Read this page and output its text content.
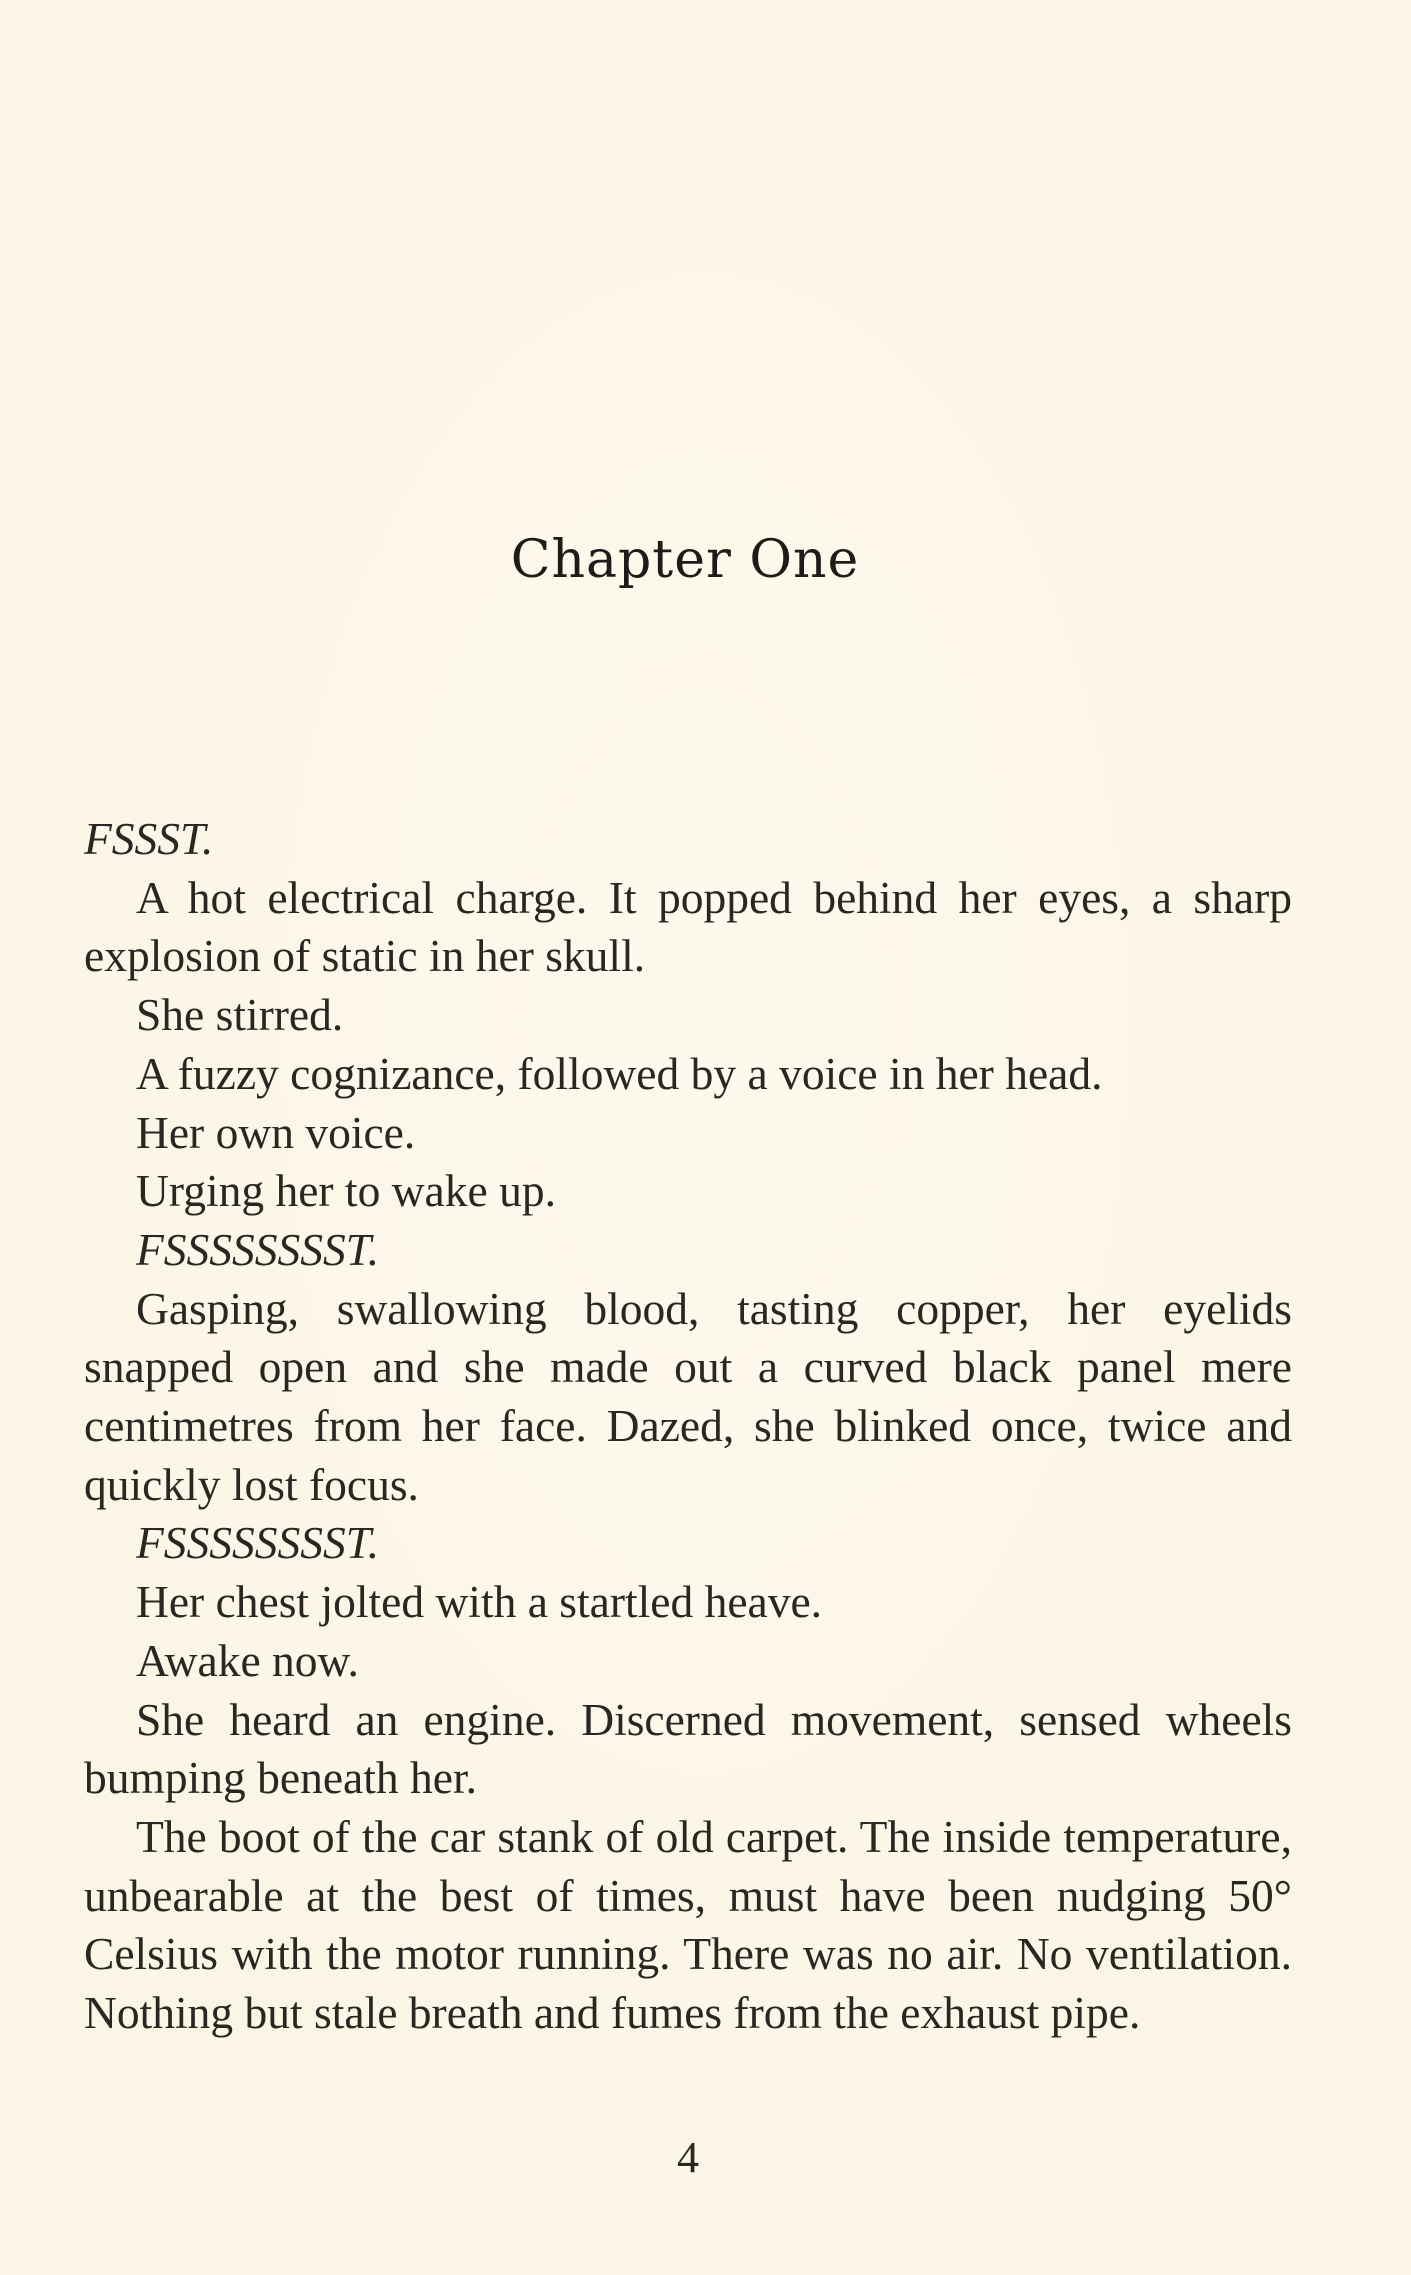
Chapter One

FSSST.

A hot electrical charge. It popped behind her eyes, a sharp explosion of static in her skull.

She stirred.

A fuzzy cognizance, followed by a voice in her head.

Her own voice.

Urging her to wake up.

FSSSSSSSST.

Gasping, swallowing blood, tasting copper, her eyelids snapped open and she made out a curved black panel mere centimetres from her face. Dazed, she blinked once, twice and quickly lost focus.

FSSSSSSSST.

Her chest jolted with a startled heave.

Awake now.

She heard an engine. Discerned movement, sensed wheels bumping beneath her.

The boot of the car stank of old carpet. The inside temperature, unbearable at the best of times, must have been nudging 50° Celsius with the motor running. There was no air. No ventilation. Nothing but stale breath and fumes from the exhaust pipe.

4
